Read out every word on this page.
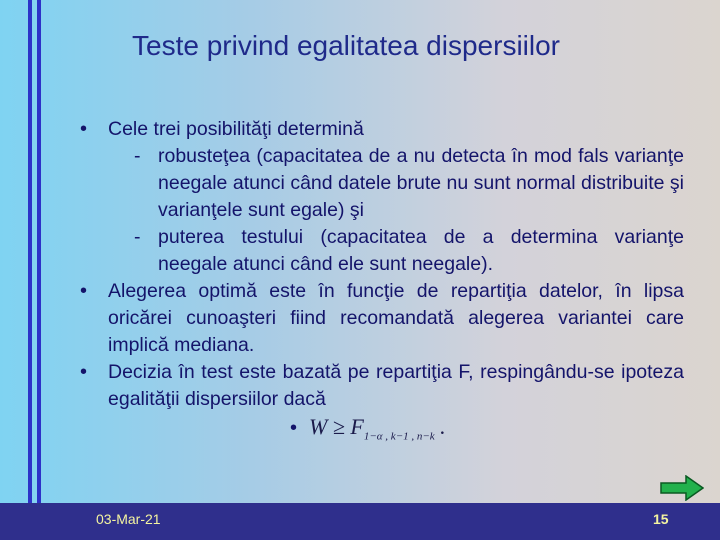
Teste privind egalitatea dispersiilor
• Cele trei posibilităţi determină
- robusteţea (capacitatea de a nu detecta în mod fals varianţe neegale atunci când datele brute nu sunt normal distribuite şi varianţele sunt egale) şi
- puterea testului (capacitatea de a determina varianţe neegale atunci când ele sunt neegale).
• Alegerea optimă este în funcţie de repartiţia datelor, în lipsa oricărei cunoaşteri fiind recomandată alegerea variantei care implică mediana.
• Decizia în test este bazată pe repartiţia F, respingându-se ipoteza egalităţii dispersiilor dacă
• $W \ge F_{1-\alpha , k-1 , n-k}$ .
03-Mar-21	15
